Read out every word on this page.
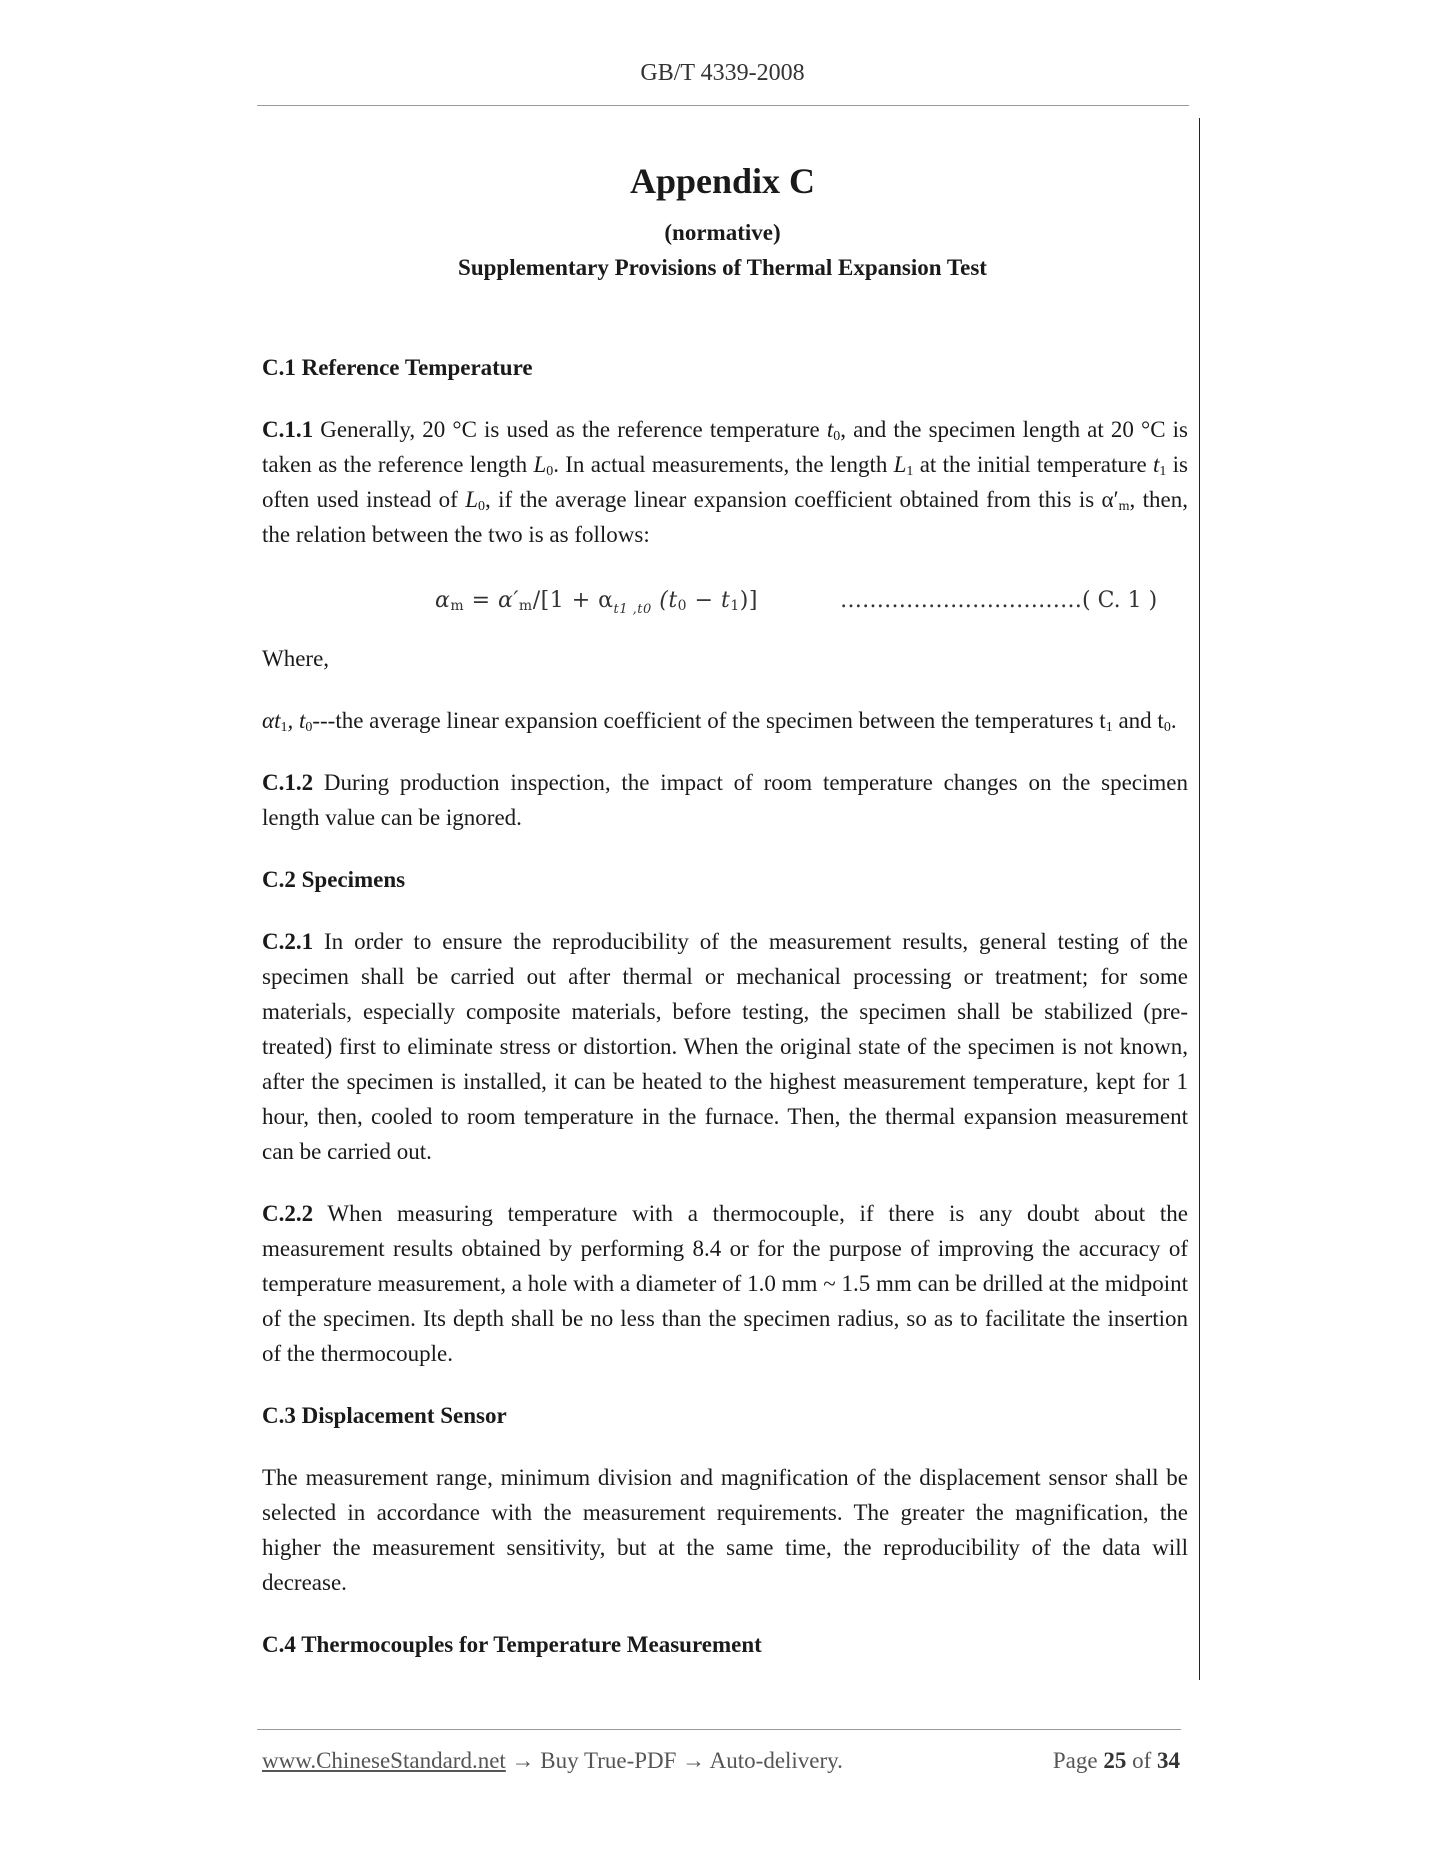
GB/T 4339-2008
Appendix C
(normative)
Supplementary Provisions of Thermal Expansion Test

C.1 Reference Temperature

C.1.1 Generally, 20 °C is used as the reference temperature $t_0$, and the specimen length at 20 °C is taken as the reference length $L_0$. In actual measurements, the length $L_1$ at the initial temperature $t_1$ is often used instead of $L_0$, if the average linear expansion coefficient obtained from this is $\alpha'_m$, then, the relation between the two is as follows:

$\alpha_m = \alpha'_m/[1 + \alpha_{t1 ,t0}$ $(t_0 - t_1)$]	……………………………( C. 1 )

Where,

$\alpha t_1$, $t_0--$-the average linear expansion coefficient of the specimen between the temperatures $t_1$ and $t_0$.

C.1.2 During production inspection, the impact of room temperature changes on the specimen length value can be ignored.

C.2 Specimens

C.2.1 In order to ensure the reproducibility of the measurement results, general testing of the specimen shall be carried out after thermal or mechanical processing or treatment; for some materials, especially composite materials, before testing, the specimen shall be stabilized (pre-treated) first to eliminate stress or distortion. When the original state of the specimen is not known, after the specimen is installed, it can be heated to the highest measurement temperature, kept for 1 hour, then, cooled to room temperature in the furnace. Then, the thermal expansion measurement can be carried out.

C.2.2 When measuring temperature with a thermocouple, if there is any doubt about the measurement results obtained by performing 8.4 or for the purpose of improving the accuracy of temperature measurement, a hole with a diameter of 1.0 mm ~ 1.5 mm can be drilled at the midpoint of the specimen. Its depth shall be no less than the specimen radius, so as to facilitate the insertion of the thermocouple.

C.3 Displacement Sensor

The measurement range, minimum division and magnification of the displacement sensor shall be selected in accordance with the measurement requirements. The greater the magnification, the higher the measurement sensitivity, but at the same time, the reproducibility of the data will decrease.

C.4 Thermocouples for Temperature Measurement

www.ChineseStandard.net → Buy True-PDF → Auto-delivery.	Page 25 of 34
